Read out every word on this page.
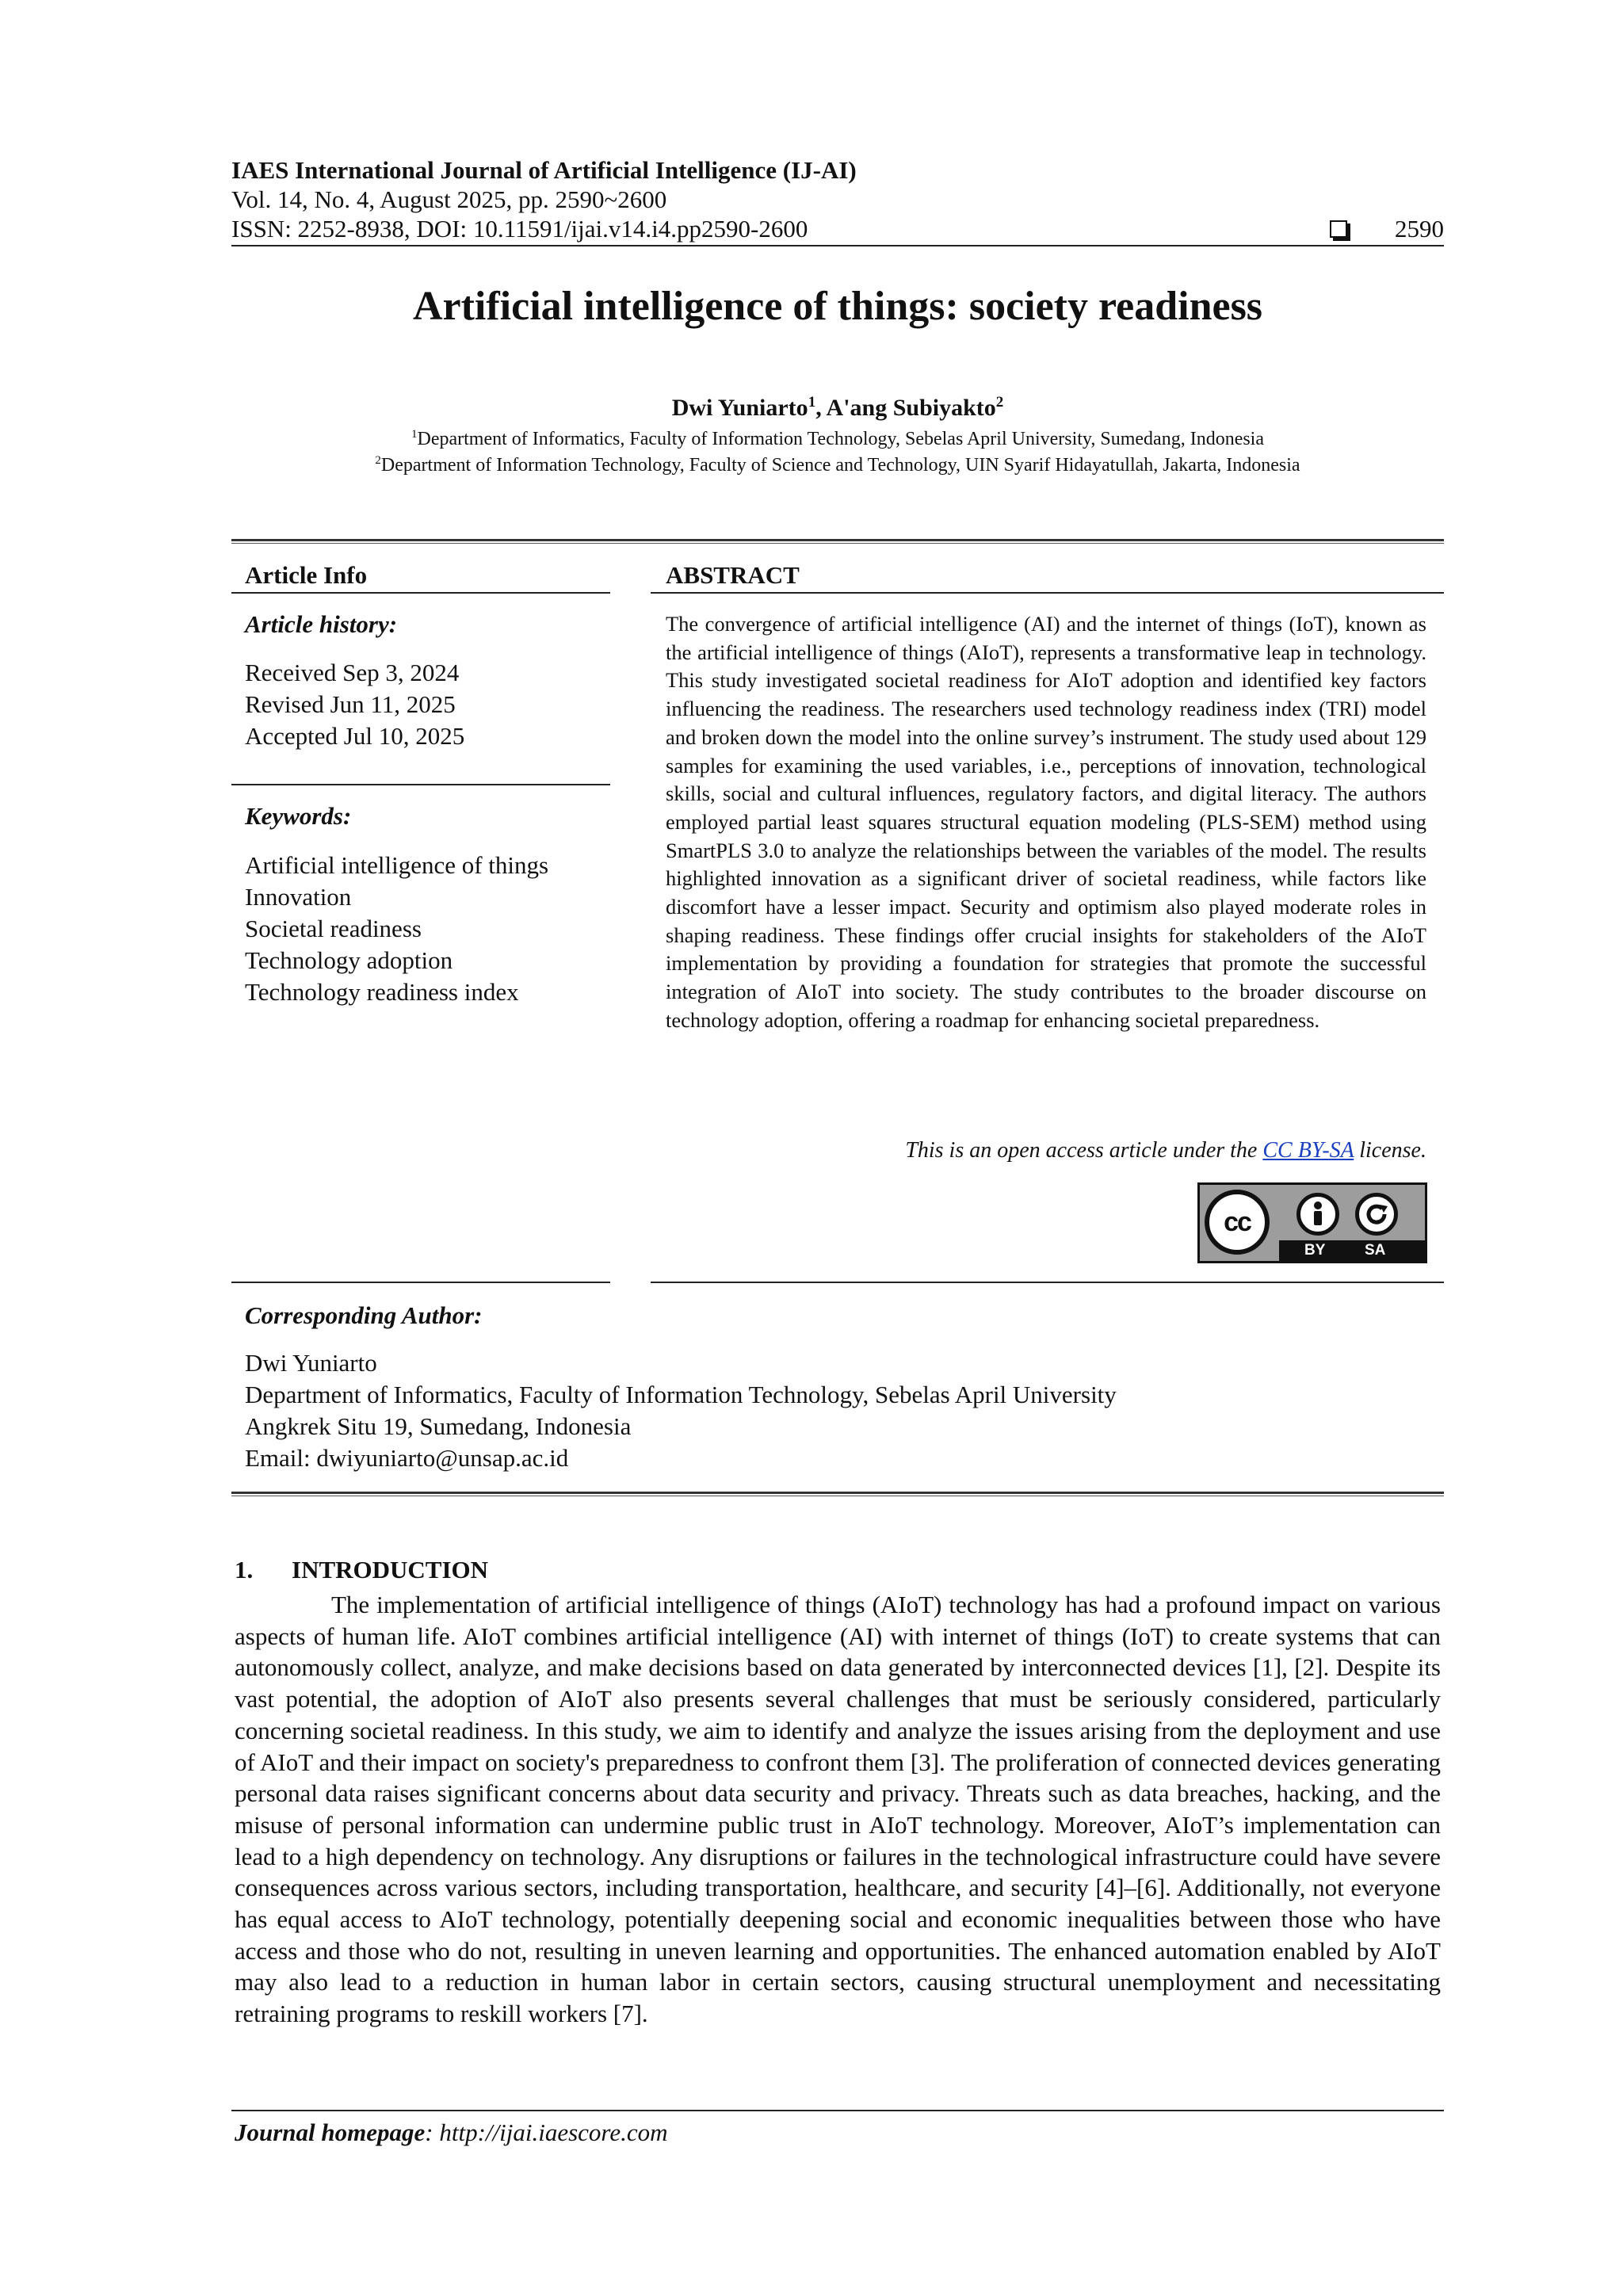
IAES International Journal of Artificial Intelligence (IJ-AI)
Vol. 14, No. 4, August 2025, pp. 2590~2600
ISSN: 2252-8938, DOI: 10.11591/ijai.v14.i4.pp2590-2600	2590
Artificial intelligence of things: society readiness
Dwi Yuniarto$^1$, A'ang Subiyakto$^2$
$^1$Department of Informatics, Faculty of Information Technology, Sebelas April University, Sumedang, Indonesia
$^2$Department of Information Technology, Faculty of Science and Technology, UIN Syarif Hidayatullah, Jakarta, Indonesia
Article Info
Article history:
Received Sep 3, 2024
Revised Jun 11, 2025
Accepted Jul 10, 2025
Keywords:
Artificial intelligence of things
Innovation
Societal readiness
Technology adoption
Technology readiness index
ABSTRACT
The convergence of artificial intelligence (AI) and the internet of things (IoT), known as the artificial intelligence of things (AIoT), represents a transformative leap in technology. This study investigated societal readiness for AIoT adoption and identified key factors influencing the readiness. The researchers used technology readiness index (TRI) model and broken down the model into the online survey’s instrument. The study used about 129 samples for examining the used variables, i.e., perceptions of innovation, technological skills, social and cultural influences, regulatory factors, and digital literacy. The authors employed partial least squares structural equation modeling (PLS-SEM) method using SmartPLS 3.0 to analyze the relationships between the variables of the model. The results highlighted innovation as a significant driver of societal readiness, while factors like discomfort have a lesser impact. Security and optimism also played moderate roles in shaping readiness. These findings offer crucial insights for stakeholders of the AIoT implementation by providing a foundation for strategies that promote the successful integration of AIoT into society. The study contributes to the broader discourse on technology adoption, offering a roadmap for enhancing societal preparedness.
This is an open access article under the CC BY-SA license.
cc
BY	SA
Corresponding Author:
Dwi Yuniarto
Department of Informatics, Faculty of Information Technology, Sebelas April University
Angkrek Situ 19, Sumedang, Indonesia
Email: dwiyuniarto@unsap.ac.id
1. INTRODUCTION
The implementation of artificial intelligence of things (AIoT) technology has had a profound impact on various aspects of human life. AIoT combines artificial intelligence (AI) with internet of things (IoT) to create systems that can autonomously collect, analyze, and make decisions based on data generated by interconnected devices [1], [2]. Despite its vast potential, the adoption of AIoT also presents several challenges that must be seriously considered, particularly concerning societal readiness. In this study, we aim to identify and analyze the issues arising from the deployment and use of AIoT and their impact on society's preparedness to confront them [3]. The proliferation of connected devices generating personal data raises significant concerns about data security and privacy. Threats such as data breaches, hacking, and the misuse of personal information can undermine public trust in AIoT technology. Moreover, AIoT’s implementation can lead to a high dependency on technology. Any disruptions or failures in the technological infrastructure could have severe consequences across various sectors, including transportation, healthcare, and security [4]–[6]. Additionally, not everyone has equal access to AIoT technology, potentially deepening social and economic inequalities between those who have access and those who do not, resulting in uneven learning and opportunities. The enhanced automation enabled by AIoT may also lead to a reduction in human labor in certain sectors, causing structural unemployment and necessitating retraining programs to reskill workers [7].
Journal homepage: http://ijai.iaescore.com
